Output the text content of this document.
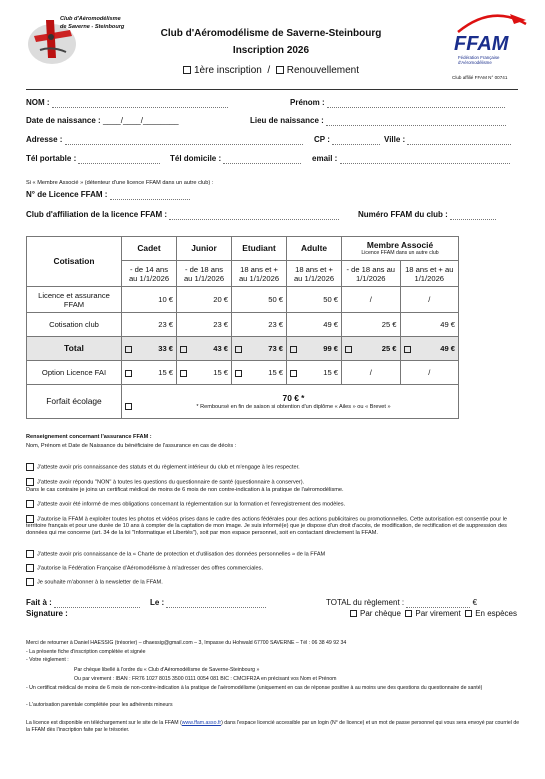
Club d'Aéromodélisme
de Saverne - Steinbourg
Club d'Aéromodélisme de Saverne-Steinbourg
Inscription 2026
1ère inscription / Renouvellement
FFAM
Fédération Française
d'Aéromodélisme
Club affilié FFAM N° 00741
NOM :	Prénom :
Date de naissance : ____/____/________	Lieu de naissance :
Adresse :	CP :	Ville :
Tél portable :	Tél domicile :	email :
Si « Membre Associé » (détenteur d'une licence FFAM dans un autre club) :
N° de Licence FFAM :
Club d'affiliation de la licence FFAM :	Numéro FFAM du club :
Cotisation	Cadet	Junior	Etudiant	Adulte	Membre Associé
Licence FFAM dans un autre club	

	- de 14 ans au 1/1/2026	- de 18 ans au 1/1/2026	18 ans et + au 1/1/2026	18 ans et + au 1/1/2026	- de 18 ans au 1/1/2026	18 ans et + au 1/1/2026
Licence et assurance FFAM	10 €	20 €	50 €	50 €	/	/
Cotisation club	23 €	23 €	23 €	49 €	25 €	49 €
Total	33 €	43 €	73 €	99 €	25 €	49 €
Option Licence FAI	15 €	15 €	15 €	15 €	/	/
Forfait écolage	70 € *
* Remboursé en fin de saison si obtention d'un diplôme « Ailes » ou « Brevet »					
Renseignement concernant l'assurance FFAM :
Nom, Prénom et Date de Naissance du bénéficiaire de l'assurance en cas de décès :
J'atteste avoir pris connaissance des statuts et du règlement intérieur du club et m'engage à les respecter.
J'atteste avoir répondu "NON" à toutes les questions du questionnaire de santé (questionnaire à conserver).
Dans le cas contraire je joins un certificat médical de moins de 6 mois de non contre-indication à la pratique de l'aéromodélisme.
J'atteste avoir été informé de mes obligations concernant la réglementation sur la formation et l'enregistrement des modèles.
J'autorise la FFAM à exploiter toutes les photos et vidéos prises dans le cadre des actions fédérales pour des actions publicitaires ou promotionnelles. Cette autorisation est consentie pour le territoire français et pour une durée de 10 ans à compter de la captation de mon image. Je suis informé(e) que je dispose d'un droit d'accès, de modification, de rectification et de suppression des données qui me concerne (art. 34 de la loi "Informatique et Libertés"), soit par mon espace personnel, soit en contactant directement la FFAM.
J'atteste avoir pris connaissance de la « Charte de protection et d'utilisation des données personnelles » de la FFAM
J'autorise la Fédération Française d'Aéromodélisme à m'adresser des offres commerciales.
Je souhaite m'abonner à la newsletter de la FFAM.
Fait à :	Le :
Signature :
TOTAL du règlement :	€
Par chèque Par virement En espèces
Merci de retourner à Daniel HAESSIG (trésorier) – dhaessig@gmail.com – 3, Impasse du Hohwald 67700 SAVERNE – Tél : 06 38 49 92 34
- La présente fiche d'inscription complétée et signée
- Votre règlement :
Par chèque libellé à l'ordre du « Club d'Aéromodélisme de Saverne-Steinbourg »
Ou par virement : IBAN : FR76 1027 8015 3500 0111 0054 081 BIC : CMCIFR2A en précisant vos Nom et Prénom
- Un certificat médical de moins de 6 mois de non-contre-indication à la pratique de l'aéromodélisme (uniquement en cas de réponse positive à au moins une des questions du questionnaire de santé)
- L'autorisation parentale complétée pour les adhérents mineurs
La licence est disponible en téléchargement sur le site de la FFAM (www.ffam.asso.fr) dans l'espace licencié accessible par un login (N° de licence) et un mot de passe personnel qui vous sera envoyé par courriel de la FFAM dès l'inscription faite par le trésorier.
